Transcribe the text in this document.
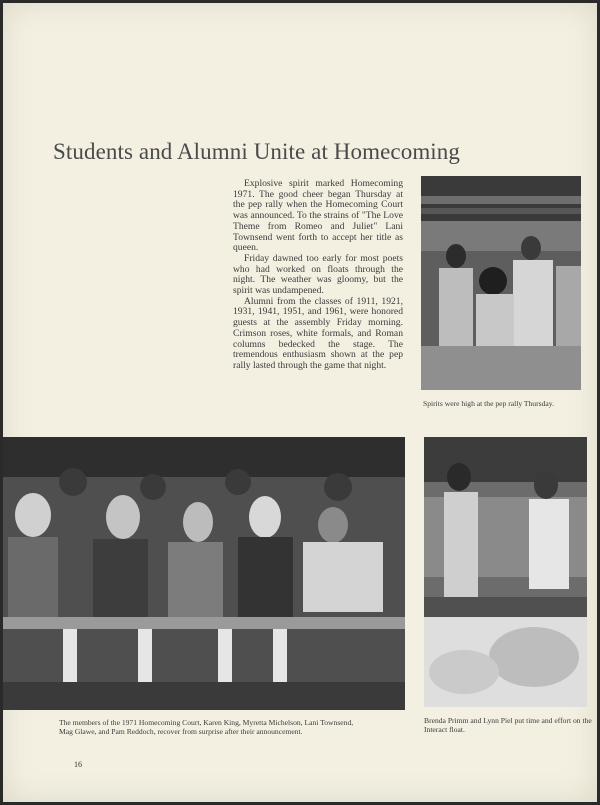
Students and Alumni Unite at Homecoming

Explosive spirit marked Homecoming 1971. The good cheer began Thursday at the pep rally when the Homecoming Court was announced. To the strains of "The Love Theme from Romeo and Juliet" Lani Townsend went forth to accept her title as queen.

Friday dawned too early for most poets who had worked on floats through the night. The weather was gloomy, but the spirit was undampened.

Alumni from the classes of 1911, 1921, 1931, 1941, 1951, and 1961, were honored guests at the assembly Friday morning. Crimson roses, white formals, and Roman columns bedecked the stage. The tremendous enthusiasm shown at the pep rally lasted through the game that night.

Spirits were high at the pep rally Thursday.
The members of the 1971 Homecoming Court, Karen King, Myretta Michelson, Lani Townsend, Mag Glawe, and Pam Reddoch, recover from surprise after their announcement.
Brenda Primm and Lynn Piel put time and effort on the Interact float.
16
